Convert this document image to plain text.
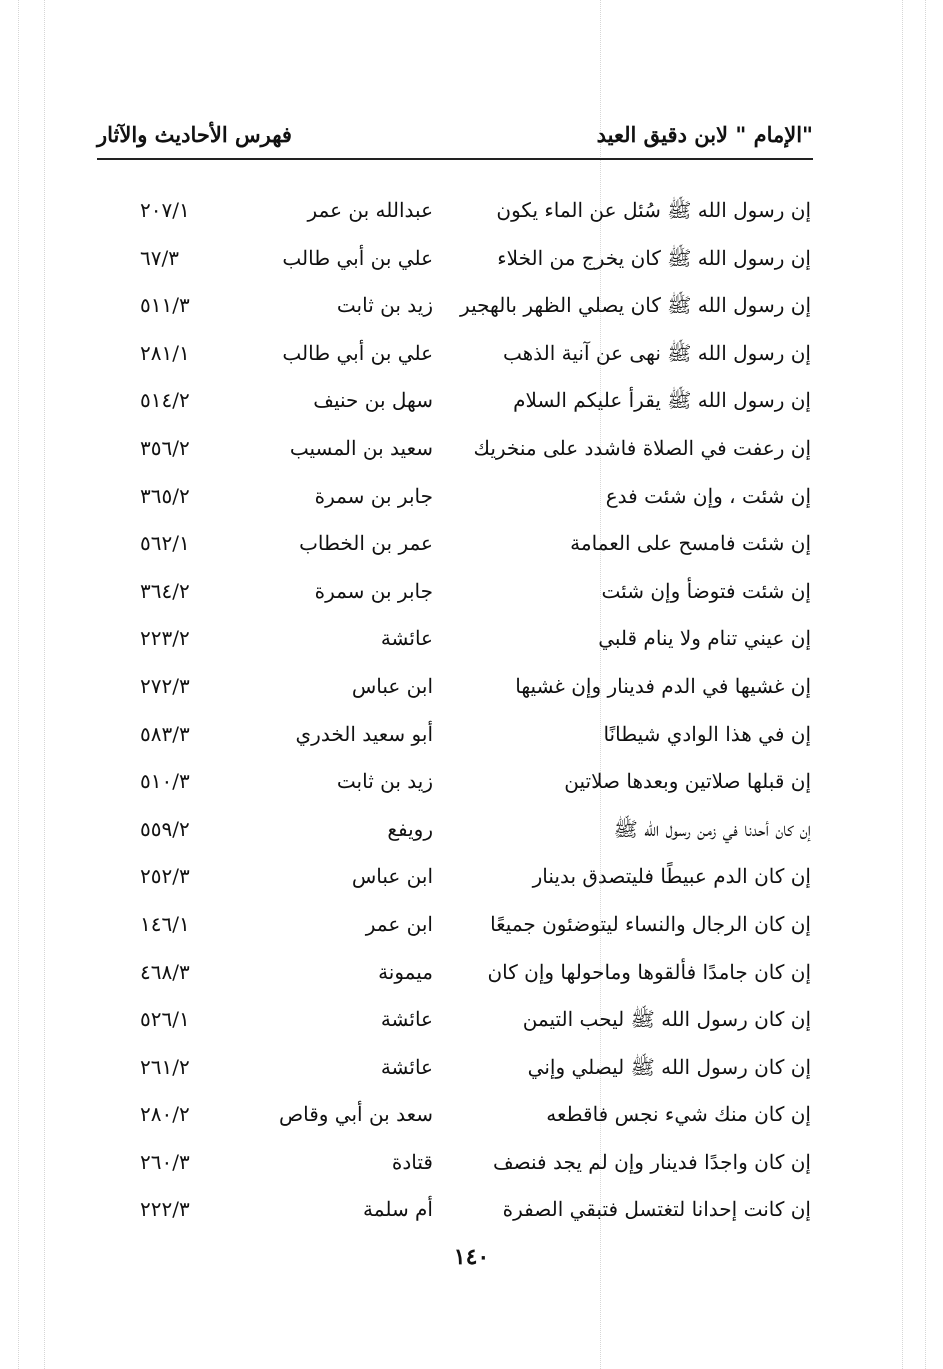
"الإمام " لابن دقيق العيد
فهرس الأحاديث والآثار
إن رسول الله ﷺ سُئل عن الماء يكون
عبدالله بن عمر
٢٠٧/١
إن رسول الله ﷺ كان يخرج من الخلاء
علي بن أبي طالب
٦٧/٣
إن رسول الله ﷺ كان يصلي الظهر بالهجير
زيد بن ثابت
٥١١/٣
إن رسول الله ﷺ نهى عن آنية الذهب
علي بن أبي طالب
٢٨١/١
إن رسول الله ﷺ يقرأ عليكم السلام
سهل بن حنيف
٥١٤/٢
إن رعفت في الصلاة فاشدد على منخريك
سعيد بن المسيب
٣٥٦/٢
إن شئت ، وإن شئت فدع
جابر بن سمرة
٣٦٥/٢
إن شئت فامسح على العمامة
عمر بن الخطاب
٥٦٢/١
إن شئت فتوضأ وإن شئت
جابر بن سمرة
٣٦٤/٢
إن عيني تنام ولا ينام قلبي
عائشة
٢٢٣/٢
إن غشيها في الدم فدينار وإن غشيها
ابن عباس
٢٧٢/٣
إن في هذا الوادي شيطانًا
أبو سعيد الخدري
٥٨٣/٣
إن قبلها صلاتين وبعدها صلاتين
زيد بن ثابت
٥١٠/٣
إن كان أحدنا في زمن رسول الله ﷺ
رويفع
٥٥٩/٢
إن كان الدم عبيطًا فليتصدق بدينار
ابن عباس
٢٥٢/٣
إن كان الرجال والنساء ليتوضئون جميعًا
ابن عمر
١٤٦/١
إن كان جامدًا فألقوها وماحولها وإن كان
ميمونة
٤٦٨/٣
إن كان رسول الله ﷺ ليحب التيمن
عائشة
٥٢٦/١
إن كان رسول الله ﷺ ليصلي وإني
عائشة
٢٦١/٢
إن كان منك شيء نجس فاقطعه
سعد بن أبي وقاص
٢٨٠/٢
إن كان واجدًا فدينار وإن لم يجد فنصف
قتادة
٢٦٠/٣
إن كانت إحدانا لتغتسل فتبقي الصفرة
أم سلمة
٢٢٢/٣
١٤٠
